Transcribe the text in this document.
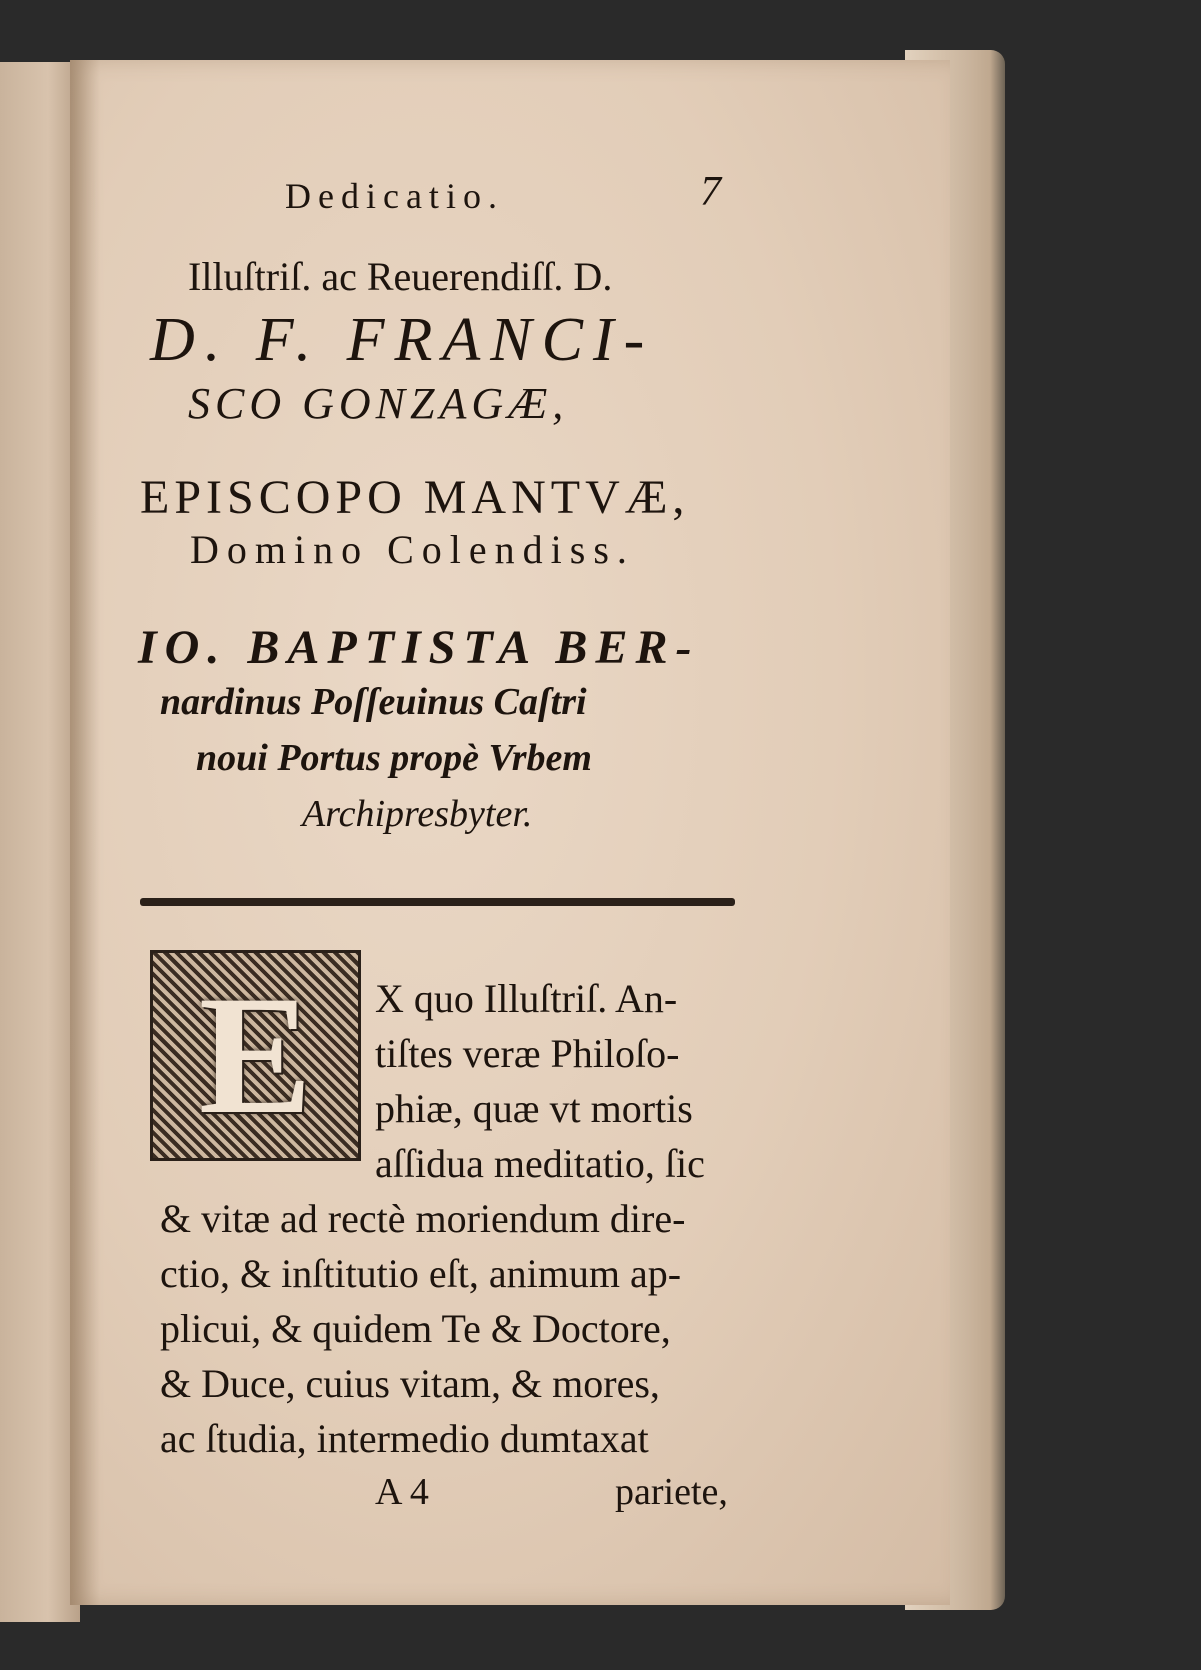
Dedicatio.	7
Illuſtriſ. ac Reuerendiſſ. D.
D. F. FRANCI-
SCO GONZAGÆ,
EPISCOPO MANTVÆ,
Domino Colendiss.
IO. BAPTISTA BER-
nardinus Poſſeuinus Caſtri
noui Portus propè Vrbem
Archipresbyter.
E	X quo Illuſtriſ. An-
tiſtes veræ Philoſo-
phiæ, quæ vt mortis
aſſidua meditatio, ſic
& vitæ ad rectè moriendum dire-
ctio, & inſtitutio eſt, animum ap-
plicui, & quidem Te & Doctore,
& Duce, cuius vitam, & mores,
ac ſtudia, intermedio dumtaxat
A 4	pariete,
